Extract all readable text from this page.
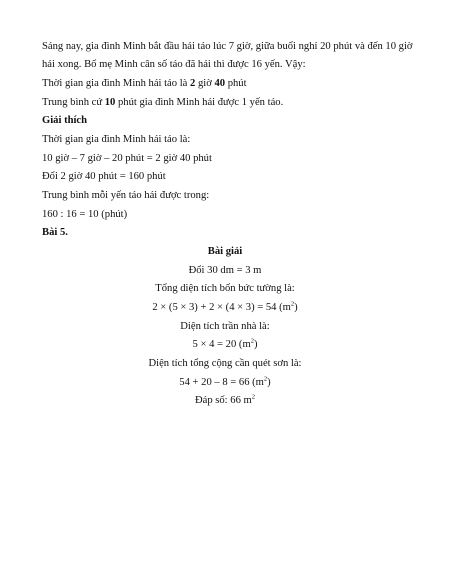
Sáng nay, gia đình Minh bắt đầu hái táo lúc 7 giờ, giữa buổi nghỉ 20 phút và đến 10 giờ
hái xong. Bố mẹ Minh cân số táo đã hái thì được 16 yến. Vậy:
Thời gian gia đình Minh hái táo là 2 giờ 40 phút
Trung bình cứ 10 phút gia đình Minh hái được 1 yến táo.
Giải thích
Thời gian gia đình Minh hái táo là:
10 giờ – 7 giờ – 20 phút = 2 giờ 40 phút
Đổi 2 giờ 40 phút = 160 phút
Trung bình mỗi yến táo hái được trong:
160 : 16 = 10 (phút)
Bài 5.
Bài giải
Đổi 30 dm = 3 m
Tổng diện tích bốn bức tường là:
2 × (5 × 3) + 2 × (4 × 3) = 54 $(m^2)$
Diện tích trần nhà là:
5 × 4 = 20 $(m^2)$
Diện tích tổng cộng cần quét sơn là:
54 + 20 – 8 = 66 $(m^2)$
Đáp số: 66 $m^2$
